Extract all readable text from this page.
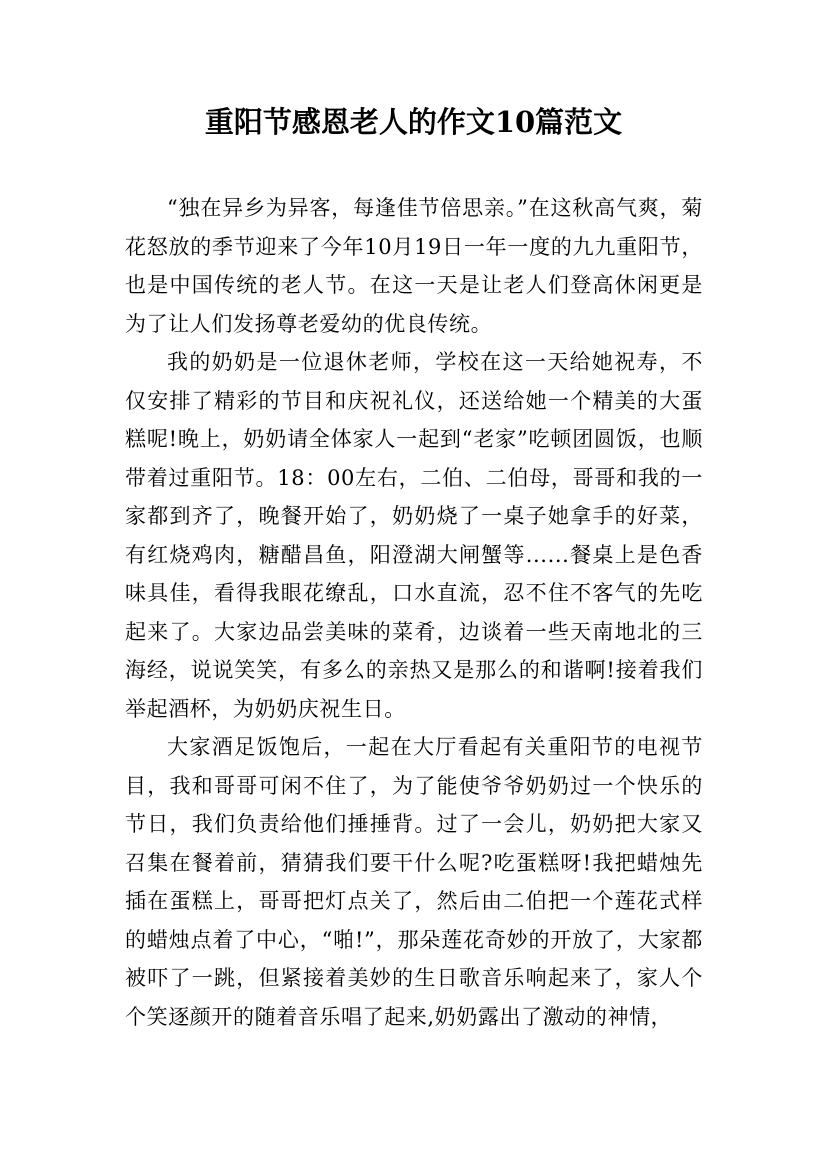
重阳节感恩老人的作文10篇范文

“独在异乡为异客，每逢佳节倍思亲。”在这秋高气爽，菊花怒放的季节迎来了今年10月19日一年一度的九九重阳节，也是中国传统的老人节。在这一天是让老人们登高休闲更是为了让人们发扬尊老爱幼的优良传统。

我的奶奶是一位退休老师，学校在这一天给她祝寿，不仅安排了精彩的节目和庆祝礼仪，还送给她一个精美的大蛋糕呢!晚上，奶奶请全体家人一起到“老家”吃顿团圆饭，也顺带着过重阳节。18：00左右，二伯、二伯母，哥哥和我的一家都到齐了，晚餐开始了，奶奶烧了一桌子她拿手的好菜，有红烧鸡肉，糖醋昌鱼，阳澄湖大闸蟹等......餐桌上是色香味具佳，看得我眼花缭乱，口水直流，忍不住不客气的先吃起来了。大家边品尝美味的菜肴，边谈着一些天南地北的三海经，说说笑笑，有多么的亲热又是那么的和谐啊!接着我们举起酒杯，为奶奶庆祝生日。

大家酒足饭饱后，一起在大厅看起有关重阳节的电视节目，我和哥哥可闲不住了，为了能使爷爷奶奶过一个快乐的节日，我们负责给他们捶捶背。过了一会儿，奶奶把大家又召集在餐着前，猜猜我们要干什么呢?吃蛋糕呀!我把蜡烛先插在蛋糕上，哥哥把灯点关了，然后由二伯把一个莲花式样的蜡烛点着了中心，“啪!”，那朵莲花奇妙的开放了，大家都被吓了一跳，但紧接着美妙的生日歌音乐响起来了，家人个个笑逐颜开的随着音乐唱了起来,奶奶露出了激动的神情，
